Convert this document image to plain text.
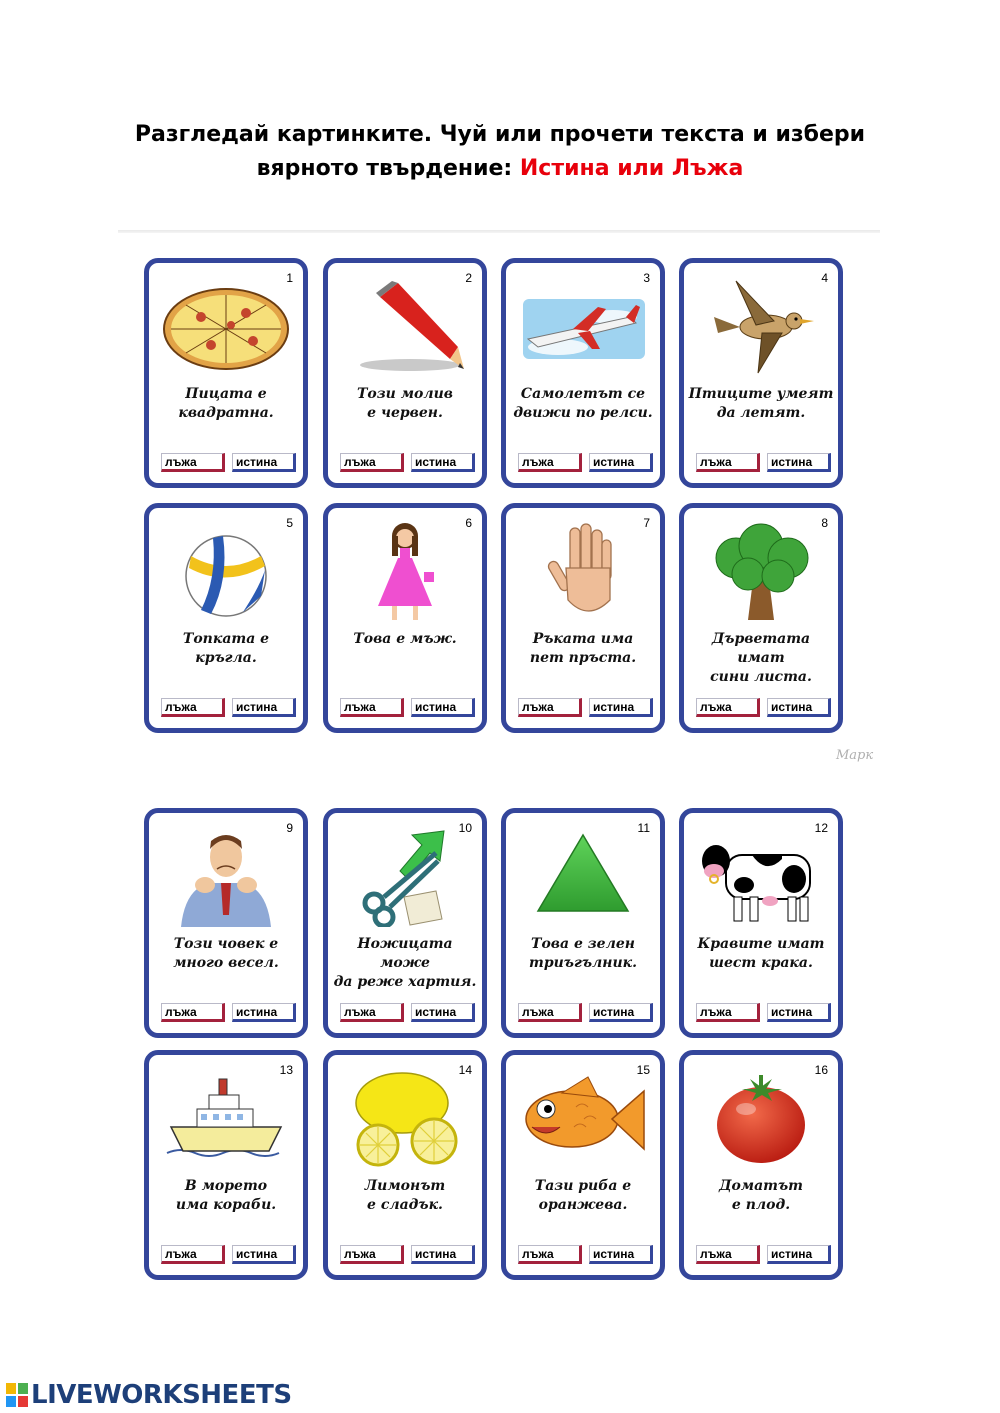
Разгледай картинките. Чуй или прочети текста и избери
вярното твърдение: Истина или Лъжа
1
Пицата е
квадратна.
лъжа	истина
2
Този молив
е червен.
лъжа	истина
3
Самолетът се
движи по релси.
лъжа	истина
4
Птиците умеят
да летят.
лъжа	истина
5
Топката е
кръгла.
лъжа	истина
6
Това е мъж.
лъжа	истина
7
Ръката има
пет пръста.
лъжа	истина
8
Дърветата имат
сини листа.
лъжа	истина
Марк
9
Този човек е
много весел.
лъжа	истина
10
Ножицата може
да реже хартия.
лъжа	истина
11
Това е зелен
триъгълник.
лъжа	истина
12
Кравите имат
шест крака.
лъжа	истина
13
В морето
има кораби.
лъжа	истина
14
Лимонът
е сладък.
лъжа	истина
15
Тази риба е
оранжева.
лъжа	истина
16
Доматът
е плод.
лъжа	истина
LIVEWORKSHEETS
